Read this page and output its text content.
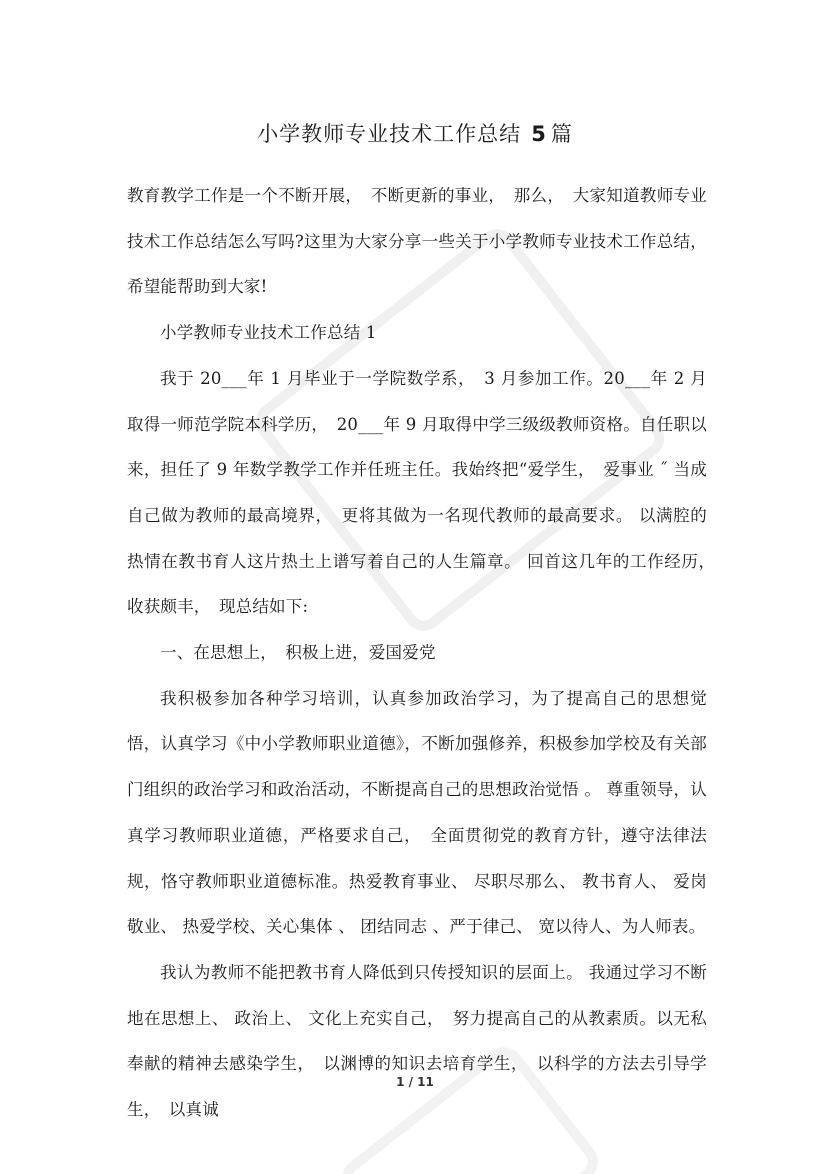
小学教师专业技术工作总结 5 篇

教育教学工作是一个不断开展，　不断更新的事业，　那么，　大家知道教师专业技术工作总结怎么写吗?这里为大家分享一些关于小学教师专业技术工作总结，希望能帮助到大家!

小学教师专业技术工作总结 1

我于 20___年 1 月毕业于一学院数学系，　3 月参加工作。20___年 2 月取得一师范学院本科学历，　20___年 9 月取得中学三级级教师资格。自任职以来，担任了 9 年数学教学工作并任班主任。我始终把“爱学生，　爱事业 ˝ 当成自己做为教师的最高境界，　更将其做为一名现代教师的最高要求。 以满腔的热情在教书育人这片热土上谱写着自己的人生篇章。 回首这几年的工作经历，　收获颇丰，　现总结如下:

一、在思想上，　积极上进，爱国爱党

我积极参加各种学习培训，认真参加政治学习，为了提高自己的思想觉悟，认真学习《中小学教师职业道德》，不断加强修养，积极参加学校及有关部门组织的政治学习和政治活动，不断提高自己的思想政治觉悟 。 尊重领导，认真学习教师职业道德，严格要求自己，　全面贯彻党的教育方针，遵守法律法规，恪守教师职业道德标准。热爱教育事业、 尽职尽那么、 教书育人、 爱岗敬业、 热爱学校、关心集体 、 团结同志 、严于律己、 宽以待人、为人师表。

我认为教师不能把教书育人降低到只传授知识的层面上。 我通过学习不断地在思想上、 政治上、 文化上充实自己，　努力提高自己的从教素质。以无私奉献的精神去感染学生，　以渊博的知识去培育学生，　以科学的方法去引导学生，　以真诚

1 / 11
